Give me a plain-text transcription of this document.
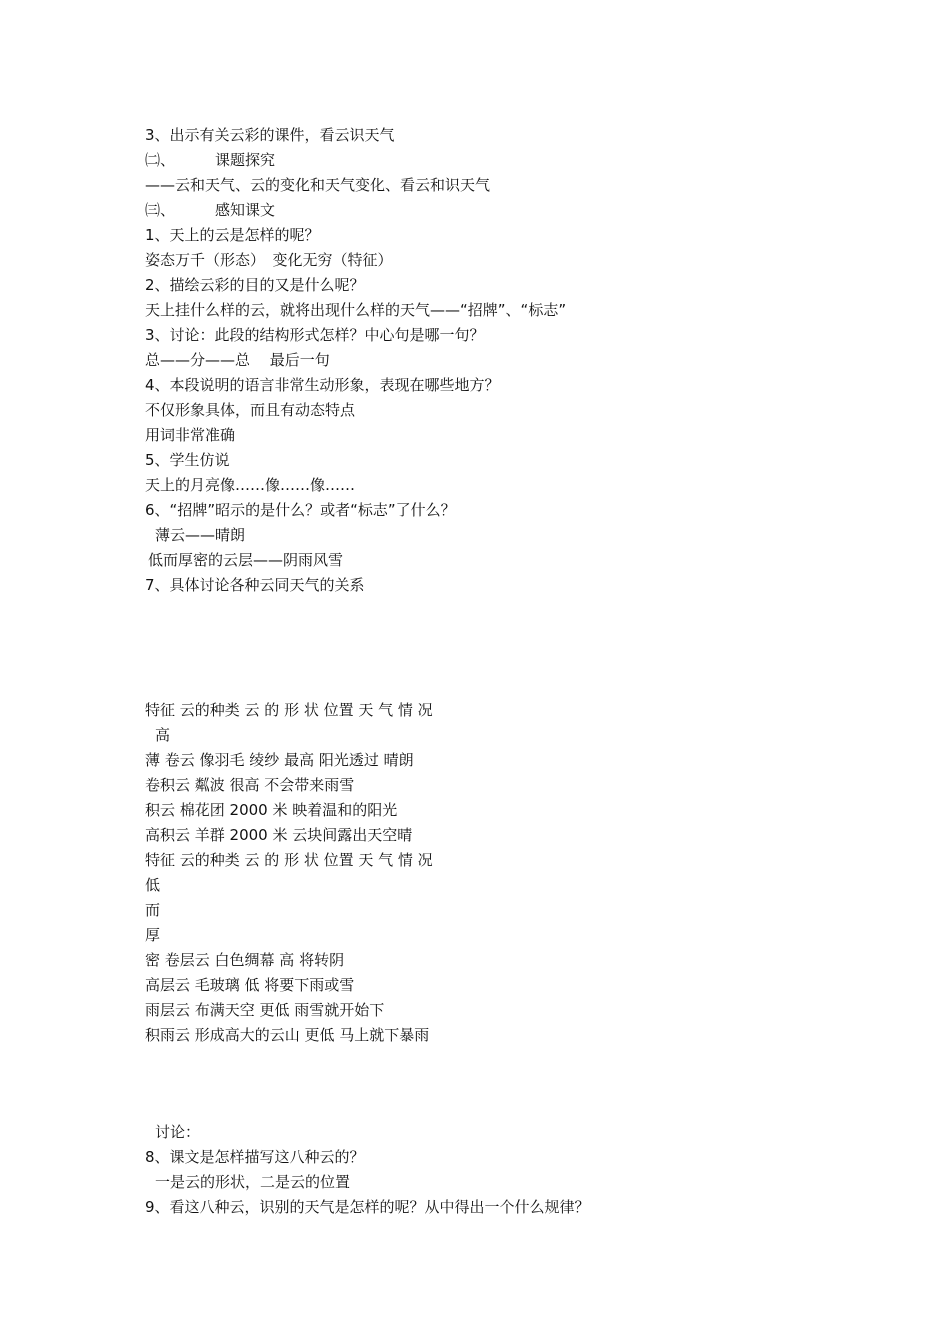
3、出示有关云彩的课件，看云识天气
㈡、	课题探究
——云和天气、云的变化和天气变化、看云和识天气
㈢、	感知课文
1、天上的云是怎样的呢？
姿态万千（形态）　变化无穷（特征）
2、描绘云彩的目的又是什么呢？
天上挂什么样的云，就将出现什么样的天气——“招牌”、“标志”
3、讨论：此段的结构形式怎样？中心句是哪一句？
总——分——总　 最后一句
4、本段说明的语言非常生动形象，表现在哪些地方？
不仅形象具体，而且有动态特点
用词非常准确
5、学生仿说
天上的月亮像……像……像……
6、“招牌”昭示的是什么？或者“标志”了什么？
薄云——晴朗
低而厚密的云层——阴雨风雪
7、具体讨论各种云同天气的关系
特征 云的种类 云 的 形 状 位置 天 气 情 况
高
薄 卷云 像羽毛 绫纱 最高 阳光透过 晴朗
卷积云 粼波 很高 不会带来雨雪
积云 棉花团 2000 米 映着温和的阳光
高积云 羊群 2000 米 云块间露出天空晴
特征 云的种类 云 的 形 状 位置 天 气 情 况
低
而
厚
密 卷层云 白色绸幕 高 将转阴
高层云 毛玻璃 低 将要下雨或雪
雨层云 布满天空 更低 雨雪就开始下
积雨云 形成高大的云山 更低 马上就下暴雨
讨论：
8、课文是怎样描写这八种云的？
一是云的形状，二是云的位置
9、看这八种云，识别的天气是怎样的呢？从中得出一个什么规律？
